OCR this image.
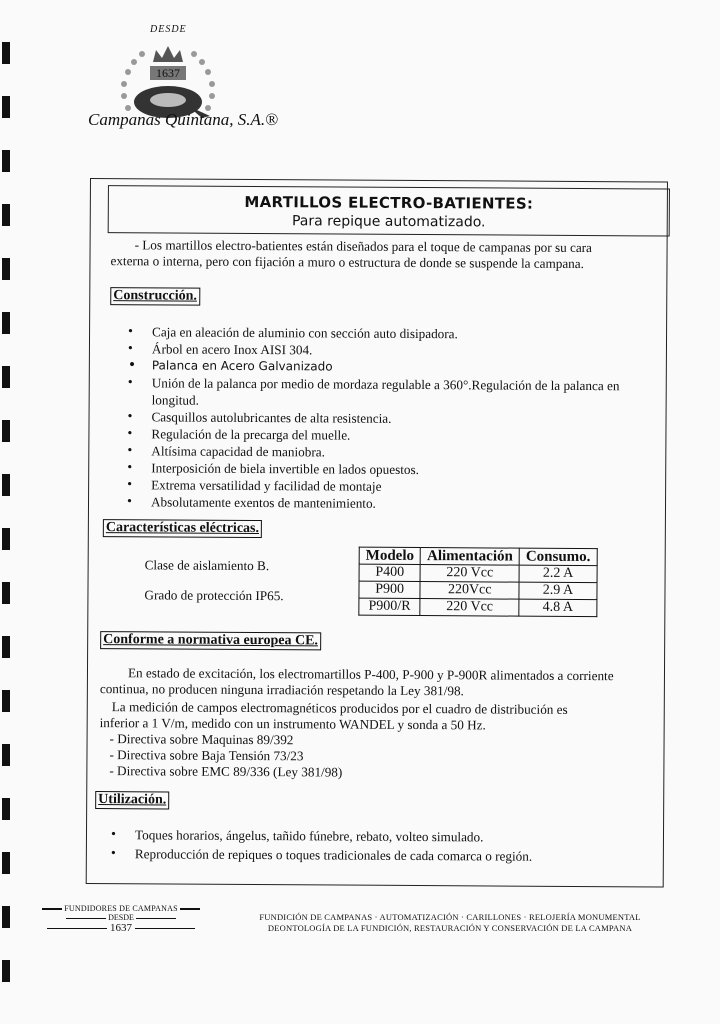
DESDE
1637
Campanas Quintana, S.A.®
MARTILLOS ELECTRO-BATIENTES:
Para repique automatizado.
- Los martillos electro-batientes están diseñados para el toque de campanas por su cara
externa o interna, pero con fijación a muro o estructura de donde se suspende la campana.
Construcción.
• Caja en aleación de aluminio con sección auto disipadora.
• Árbol en acero Inox AISI 304.
• Palanca en Acero Galvanizado
• Unión de la palanca por medio de mordaza regulable a 360°.Regulación de la palanca en longitud.
• Casquillos autolubricantes de alta resistencia.
• Regulación de la precarga del muelle.
• Altísima capacidad de maniobra.
• Interposición de biela invertible en lados opuestos.
• Extrema versatilidad y facilidad de montaje
• Absolutamente exentos de mantenimiento.
Características eléctricas.
Clase de aislamiento B.
Grado de protección IP65.
Modelo	Alimentación	Consumo.
P400	220 Vcc	2.2 A
P900	220Vcc	2.9 A
P900/R	220 Vcc	4.8 A
Conforme a normativa europea CE.
En estado de excitación, los electromartillos P-400, P-900 y P-900R alimentados a corriente
continua, no producen ninguna irradiación respetando la Ley 381/98.
La medición de campos electromagnéticos producidos por el cuadro de distribución es
inferior a 1 V/m, medido con un instrumento WANDEL y sonda a 50 Hz.
- Directiva sobre Maquinas 89/392
- Directiva sobre Baja Tensión 73/23
- Directiva sobre EMC 89/336 (Ley 381/98)
Utilización.
• Toques horarios, ángelus, tañido fúnebre, rebato, volteo simulado.
• Reproducción de repiques o toques tradicionales de cada comarca o región.
FUNDIDORES DE CAMPANAS
DESDE
1637
FUNDICIÓN DE CAMPANAS · AUTOMATIZACIÓN · CARILLONES · RELOJERÍA MONUMENTAL
DEONTOLOGÍA DE LA FUNDICIÓN, RESTAURACIÓN Y CONSERVACIÓN DE LA CAMPANA
